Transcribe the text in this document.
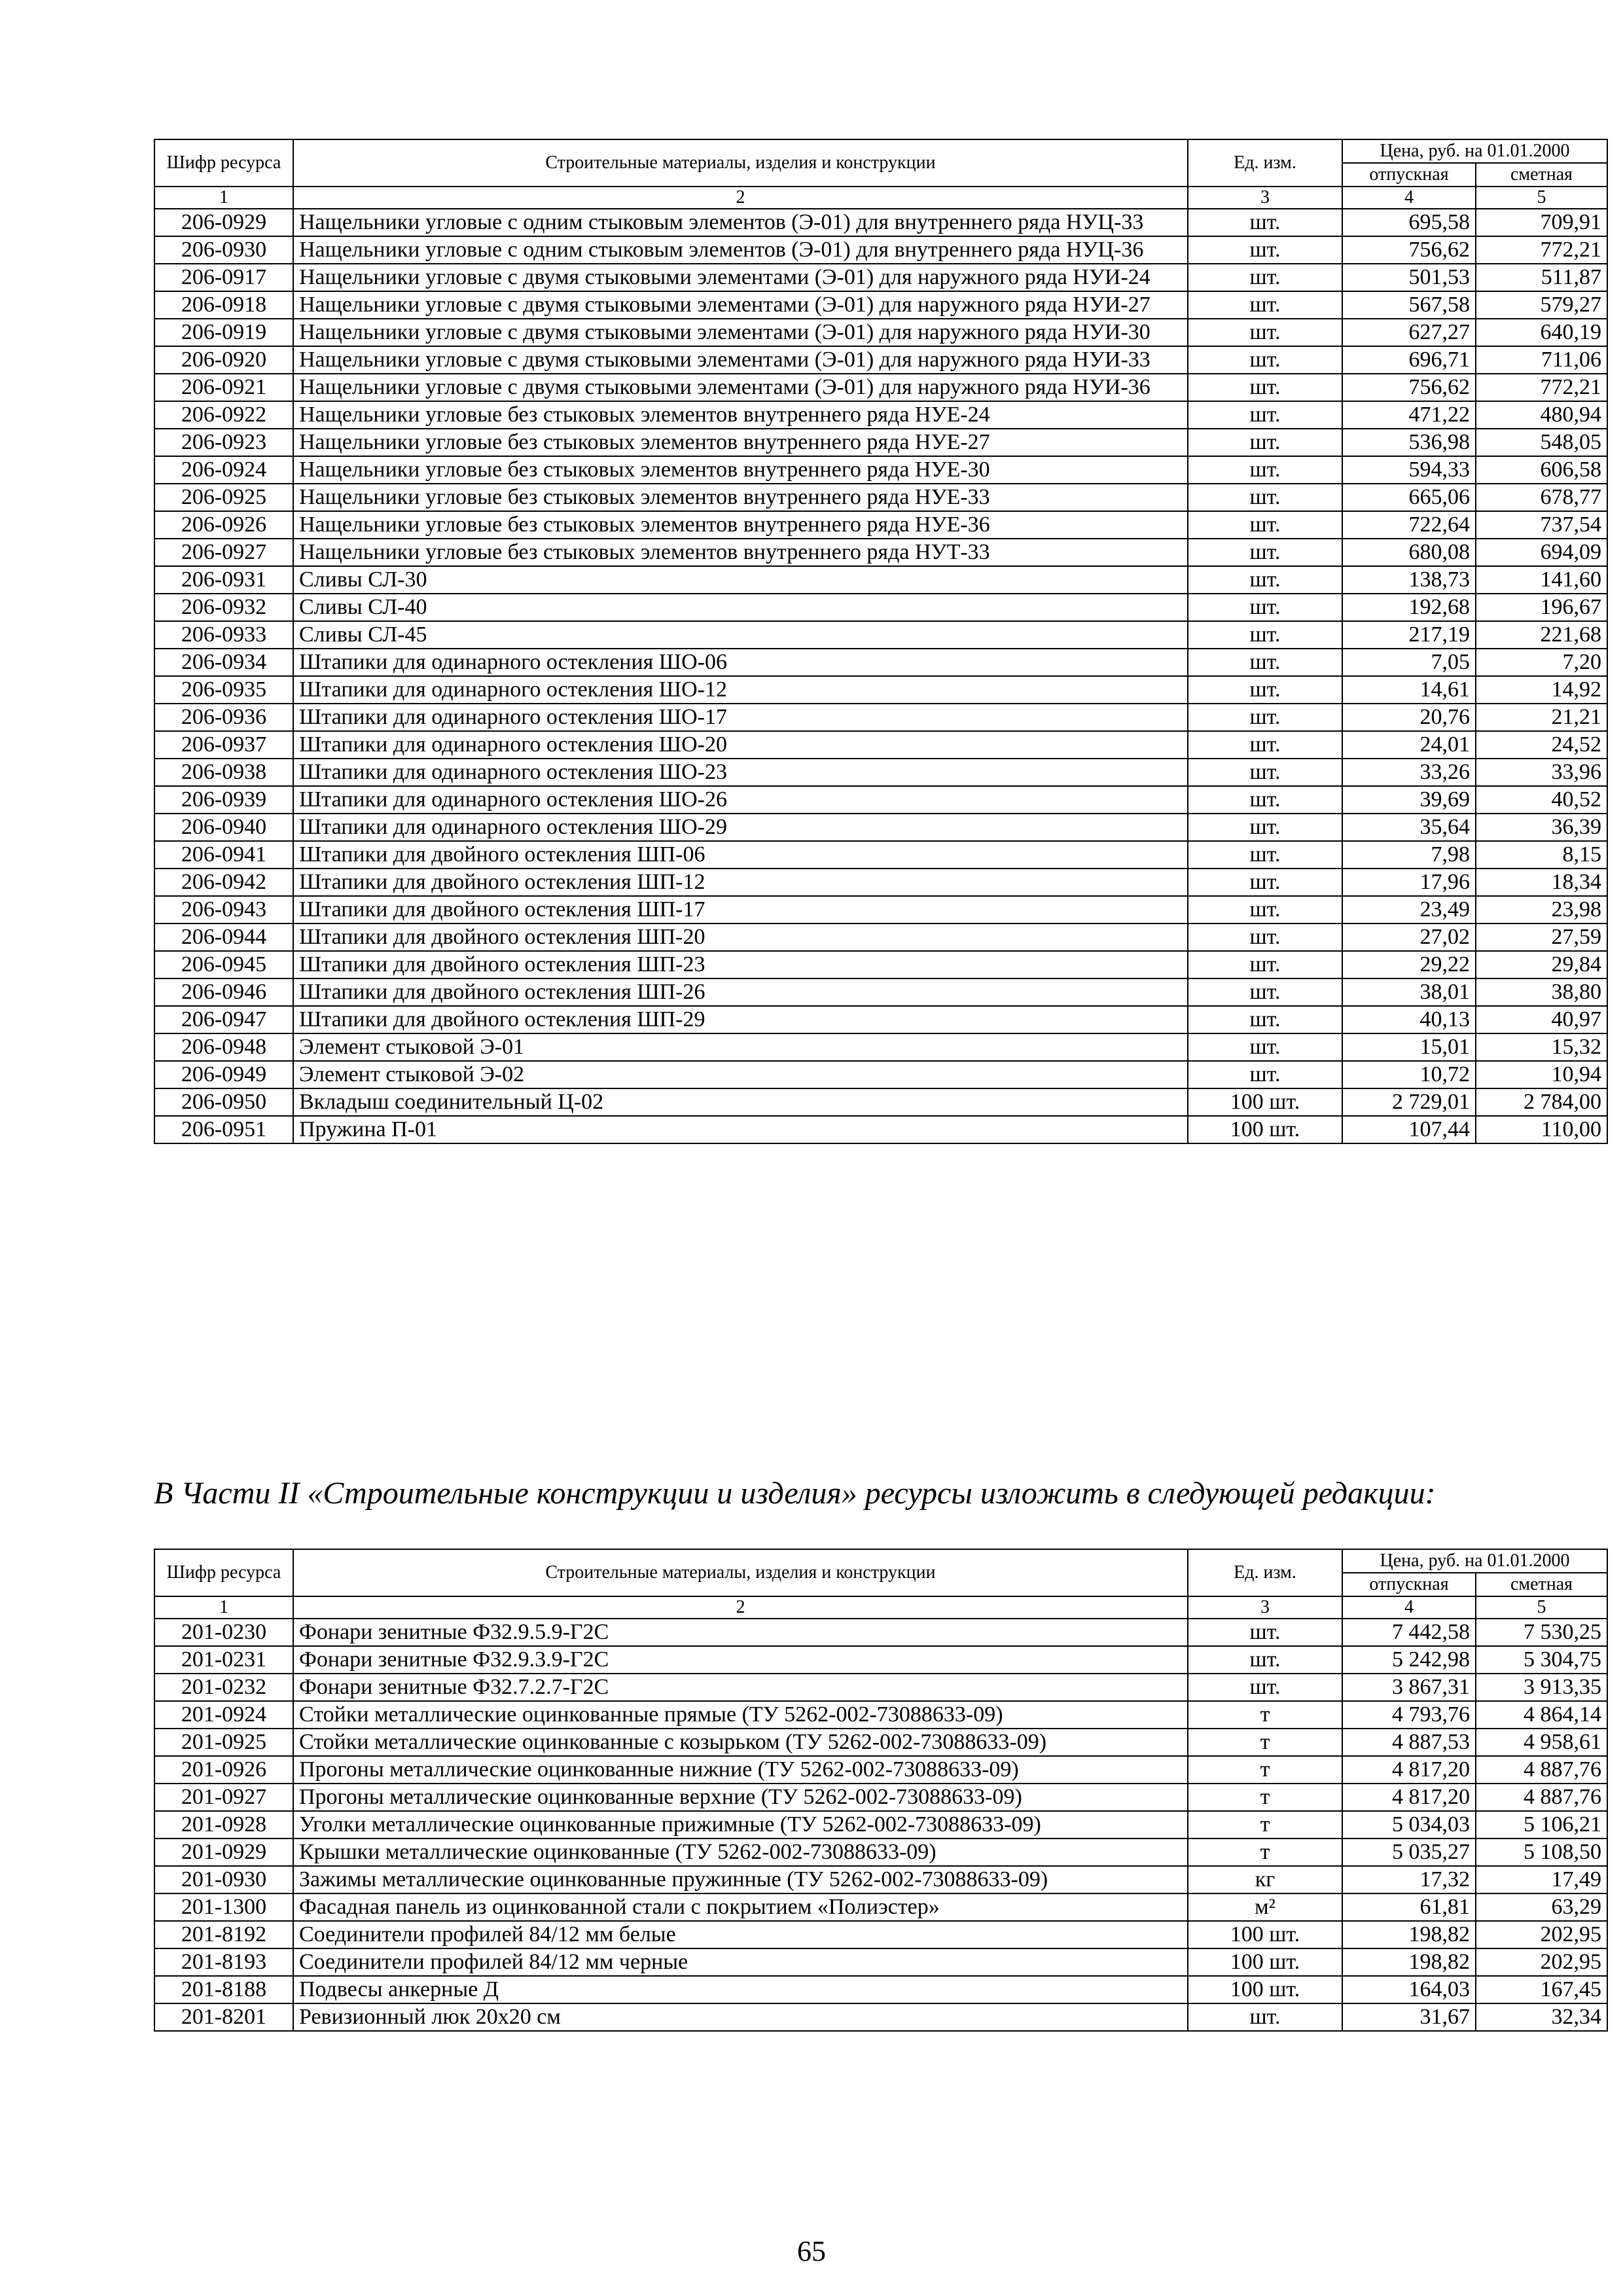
Шифр ресурса	Строительные материалы, изделия и конструкции	Ед. изм.	Цена, руб. на 01.01.2000	
			отпускная	сметная
1	2	3	4	5
206-0929	Нащельники угловые с одним стыковым элементов (Э-01) для внутреннего ряда НУЦ-33	шт.	695,58	709,91
206-0930	Нащельники угловые с одним стыковым элементов (Э-01) для внутреннего ряда НУЦ-36	шт.	756,62	772,21
206-0917	Нащельники угловые с двумя стыковыми элементами (Э-01) для наружного ряда НУИ-24	шт.	501,53	511,87
206-0918	Нащельники угловые с двумя стыковыми элементами (Э-01) для наружного ряда НУИ-27	шт.	567,58	579,27
206-0919	Нащельники угловые с двумя стыковыми элементами (Э-01) для наружного ряда НУИ-30	шт.	627,27	640,19
206-0920	Нащельники угловые с двумя стыковыми элементами (Э-01) для наружного ряда НУИ-33	шт.	696,71	711,06
206-0921	Нащельники угловые с двумя стыковыми элементами (Э-01) для наружного ряда НУИ-36	шт.	756,62	772,21
206-0922	Нащельники угловые без стыковых элементов внутреннего ряда НУЕ-24	шт.	471,22	480,94
206-0923	Нащельники угловые без стыковых элементов внутреннего ряда НУЕ-27	шт.	536,98	548,05
206-0924	Нащельники угловые без стыковых элементов внутреннего ряда НУЕ-30	шт.	594,33	606,58
206-0925	Нащельники угловые без стыковых элементов внутреннего ряда НУЕ-33	шт.	665,06	678,77
206-0926	Нащельники угловые без стыковых элементов внутреннего ряда НУЕ-36	шт.	722,64	737,54
206-0927	Нащельники угловые без стыковых элементов внутреннего ряда НУТ-33	шт.	680,08	694,09
206-0931	Сливы СЛ-30	шт.	138,73	141,60
206-0932	Сливы СЛ-40	шт.	192,68	196,67
206-0933	Сливы СЛ-45	шт.	217,19	221,68
206-0934	Штапики для одинарного остекления ШО-06	шт.	7,05	7,20
206-0935	Штапики для одинарного остекления ШО-12	шт.	14,61	14,92
206-0936	Штапики для одинарного остекления ШО-17	шт.	20,76	21,21
206-0937	Штапики для одинарного остекления ШО-20	шт.	24,01	24,52
206-0938	Штапики для одинарного остекления ШО-23	шт.	33,26	33,96
206-0939	Штапики для одинарного остекления ШО-26	шт.	39,69	40,52
206-0940	Штапики для одинарного остекления ШО-29	шт.	35,64	36,39
206-0941	Штапики для двойного остекления ШП-06	шт.	7,98	8,15
206-0942	Штапики для двойного остекления ШП-12	шт.	17,96	18,34
206-0943	Штапики для двойного остекления ШП-17	шт.	23,49	23,98
206-0944	Штапики для двойного остекления ШП-20	шт.	27,02	27,59
206-0945	Штапики для двойного остекления ШП-23	шт.	29,22	29,84
206-0946	Штапики для двойного остекления ШП-26	шт.	38,01	38,80
206-0947	Штапики для двойного остекления ШП-29	шт.	40,13	40,97
206-0948	Элемент стыковой Э-01	шт.	15,01	15,32
206-0949	Элемент стыковой Э-02	шт.	10,72	10,94
206-0950	Вкладыш соединительный Ц-02	100 шт.	2 729,01	2 784,00
206-0951	Пружина П-01	100 шт.	107,44	110,00
В Части II «Строительные конструкции и изделия» ресурсы изложить в следующей редакции:
Шифр ресурса	Строительные материалы, изделия и конструкции	Ед. изм.	Цена, руб. на 01.01.2000	
			отпускная	сметная
1	2	3	4	5
201-0230	Фонари зенитные Ф32.9.5.9-Г2С	шт.	7 442,58	7 530,25
201-0231	Фонари зенитные Ф32.9.3.9-Г2С	шт.	5 242,98	5 304,75
201-0232	Фонари зенитные Ф32.7.2.7-Г2С	шт.	3 867,31	3 913,35
201-0924	Стойки металлические оцинкованные прямые (ТУ 5262-002-73088633-09)	т	4 793,76	4 864,14
201-0925	Стойки металлические оцинкованные с козырьком (ТУ 5262-002-73088633-09)	т	4 887,53	4 958,61
201-0926	Прогоны металлические оцинкованные нижние (ТУ 5262-002-73088633-09)	т	4 817,20	4 887,76
201-0927	Прогоны металлические оцинкованные верхние (ТУ 5262-002-73088633-09)	т	4 817,20	4 887,76
201-0928	Уголки металлические оцинкованные прижимные (ТУ 5262-002-73088633-09)	т	5 034,03	5 106,21
201-0929	Крышки металлические оцинкованные (ТУ 5262-002-73088633-09)	т	5 035,27	5 108,50
201-0930	Зажимы металлические оцинкованные пружинные (ТУ 5262-002-73088633-09)	кг	17,32	17,49
201-1300	Фасадная панель из оцинкованной стали с покрытием «Полиэстер»	м²	61,81	63,29
201-8192	Соединители профилей 84/12 мм белые	100 шт.	198,82	202,95
201-8193	Соединители профилей 84/12 мм черные	100 шт.	198,82	202,95
201-8188	Подвесы анкерные Д	100 шт.	164,03	167,45
201-8201	Ревизионный люк 20х20 см	шт.	31,67	32,34
65
